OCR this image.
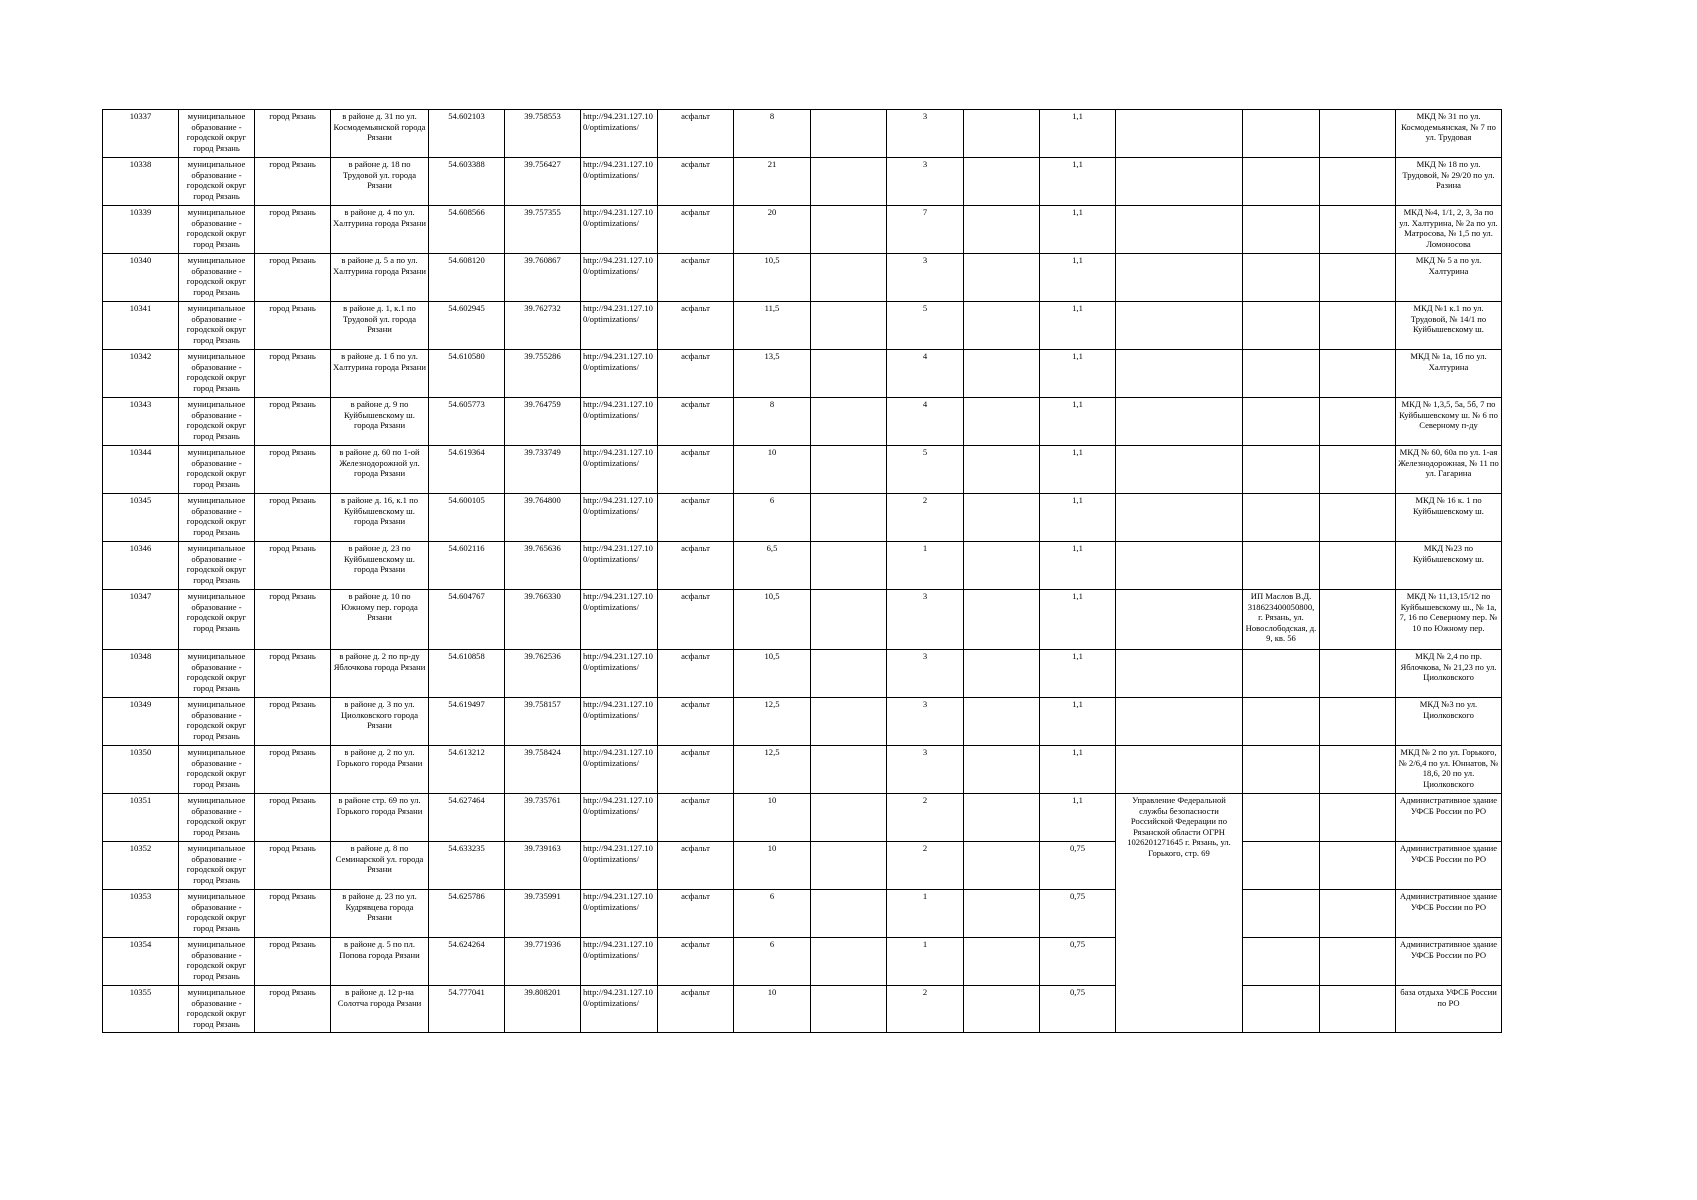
10337	муниципальное образование - городской округ город Рязань	город Рязань	в районе д. 31 по ул. Космодемьянской города Рязани	54.602103	39.758553	http://94.231.127.100/optimizations/	асфальт	8		3		1,1				МКД № 31 по ул. Космодемьянская, № 7 по ул. Трудовая
10338	муниципальное образование - городской округ город Рязань	город Рязань	в районе д. 18 по Трудовой ул. города Рязани	54.603388	39.756427	http://94.231.127.100/optimizations/	асфальт	21		3		1,1				МКД № 18 по ул. Трудовой, № 29/20 по ул. Разина
10339	муниципальное образование - городской округ город Рязань	город Рязань	в районе д. 4 по ул. Халтурина города Рязани	54.608566	39.757355	http://94.231.127.100/optimizations/	асфальт	20		7		1,1				МКД №4, 1/1, 2, 3, 3а по ул. Халтурина, № 2а по ул. Матросова, № 1,5 по ул. Ломоносова
10340	муниципальное образование - городской округ город Рязань	город Рязань	в районе д. 5 а по ул. Халтурина города Рязани	54.608120	39.760867	http://94.231.127.100/optimizations/	асфальт	10,5		3		1,1				МКД № 5 а по ул. Халтурина
10341	муниципальное образование - городской округ город Рязань	город Рязань	в районе д. 1, к.1 по Трудовой ул. города Рязани	54.602945	39.762732	http://94.231.127.100/optimizations/	асфальт	11,5		5		1,1				МКД №1 к.1 по ул. Трудовой, № 14/1 по Куйбышевскому ш.
10342	муниципальное образование - городской округ город Рязань	город Рязань	в районе д. 1 б по ул. Халтурина города Рязани	54.610580	39.755286	http://94.231.127.100/optimizations/	асфальт	13,5		4		1,1				МКД № 1а, 1б по ул. Халтурина
10343	муниципальное образование - городской округ город Рязань	город Рязань	в районе д. 9 по Куйбышевскому ш. города Рязани	54.605773	39.764759	http://94.231.127.100/optimizations/	асфальт	8		4		1,1				МКД № 1,3,5, 5а, 5б, 7 по Куйбышевскому ш. № 6 по Северному п-ду
10344	муниципальное образование - городской округ город Рязань	город Рязань	в районе д. 60 по 1-ой Железнодорожной ул. города Рязани	54.619364	39.733749	http://94.231.127.100/optimizations/	асфальт	10		5		1,1				МКД № 60, 60а по ул. 1-ая Железнодорожная, № 11 по ул. Гагарина
10345	муниципальное образование - городской округ город Рязань	город Рязань	в районе д. 16, к.1 по Куйбышевскому ш. города Рязани	54.600105	39.764800	http://94.231.127.100/optimizations/	асфальт	6		2		1,1				МКД № 16 к. 1 по Куйбышевскому ш.
10346	муниципальное образование - городской округ город Рязань	город Рязань	в районе д. 23 по Куйбышевскому ш. города Рязани	54.602116	39.765636	http://94.231.127.100/optimizations/	асфальт	6,5		1		1,1				МКД №23 по Куйбышевскому ш.
10347	муниципальное образование - городской округ город Рязань	город Рязань	в районе д. 10 по Южному пер. города Рязани	54.604767	39.766330	http://94.231.127.100/optimizations/	асфальт	10,5		3		1,1		ИП Маслов В.Д. 318623400050800, г. Рязань, ул. Новослободская, д. 9, кв. 56		МКД № 11,13,15/12 по Куйбышевскому ш., № 1а, 7, 16 по Северному пер. № 10 по Южному пер.
10348	муниципальное образование - городской округ город Рязань	город Рязань	в районе д. 2 по пр-ду Яблочкова города Рязани	54.610858	39.762536	http://94.231.127.100/optimizations/	асфальт	10,5		3		1,1				МКД № 2,4 по пр. Яблочкова, № 21,23 по ул. Циолковского
10349	муниципальное образование - городской округ город Рязань	город Рязань	в районе д. 3 по ул. Циолковского города Рязани	54.619497	39.758157	http://94.231.127.100/optimizations/	асфальт	12,5		3		1,1				МКД №3 по ул. Циолковского
10350	муниципальное образование - городской округ город Рязань	город Рязань	в районе д. 2 по ул. Горького города Рязани	54.613212	39.758424	http://94.231.127.100/optimizations/	асфальт	12,5		3		1,1				МКД № 2 по ул. Горького, № 2/6,4 по ул. Юннатов, № 18,6, 20 по ул. Циолковского
10351	муниципальное образование - городской округ город Рязань	город Рязань	в районе стр. 69 по ул. Горького города Рязани	54.627464	39.735761	http://94.231.127.100/optimizations/	асфальт	10		2		1,1	Управление Федеральной службы безопасности Российской Федерации по Рязанской области ОГРН 1026201271645 г. Рязань, ул. Горького, стр. 69			Административное здание УФСБ России по РО
10352	муниципальное образование - городской округ город Рязань	город Рязань	в районе д. 8 по Семинарской ул. города Рязани	54.633235	39.739163	http://94.231.127.100/optimizations/	асфальт	10		2		0,75				Административное здание УФСБ России по РО
10353	муниципальное образование - городской округ город Рязань	город Рязань	в районе д. 23 по ул. Кудрявцева города Рязани	54.625786	39.735991	http://94.231.127.100/optimizations/	асфальт	6		1		0,75				Административное здание УФСБ России по РО
10354	муниципальное образование - городской округ город Рязань	город Рязань	в районе д. 5 по пл. Попова города Рязани	54.624264	39.771936	http://94.231.127.100/optimizations/	асфальт	6		1		0,75				Административное здание УФСБ России по РО
10355	муниципальное образование - городской округ город Рязань	город Рязань	в районе д. 12 р-на Солотча города Рязани	54.777041	39.808201	http://94.231.127.100/optimizations/	асфальт	10		2		0,75				база отдыха УФСБ России по РО
